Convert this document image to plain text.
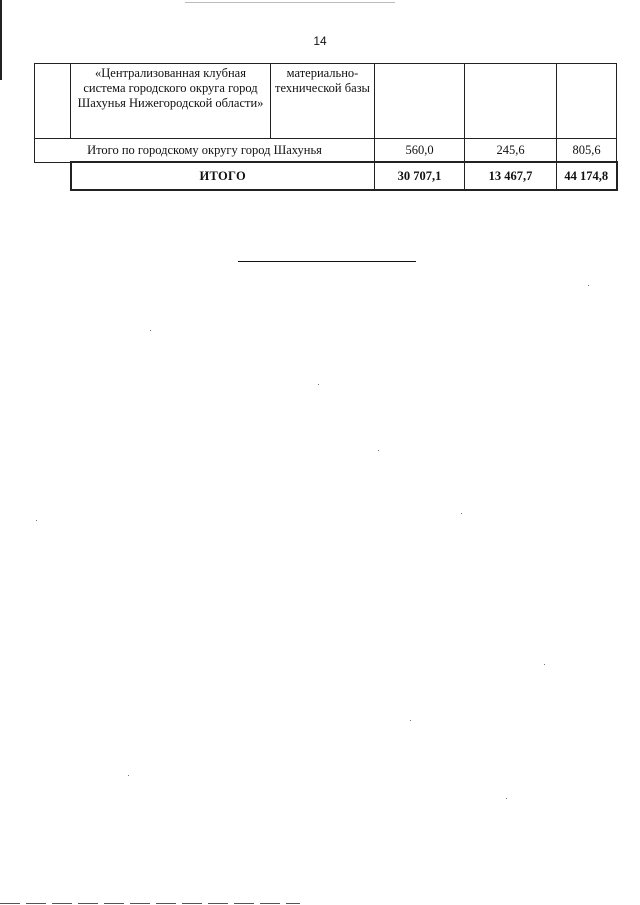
14
	«Централизованная клубная система городского округа город Шахунья Нижегородской области»	материально-технической базы			
Итого по городскому округу город Шахунья			560,0	245,6	805,6
	ИТОГО		30 707,1	13 467,7	44 174,8
